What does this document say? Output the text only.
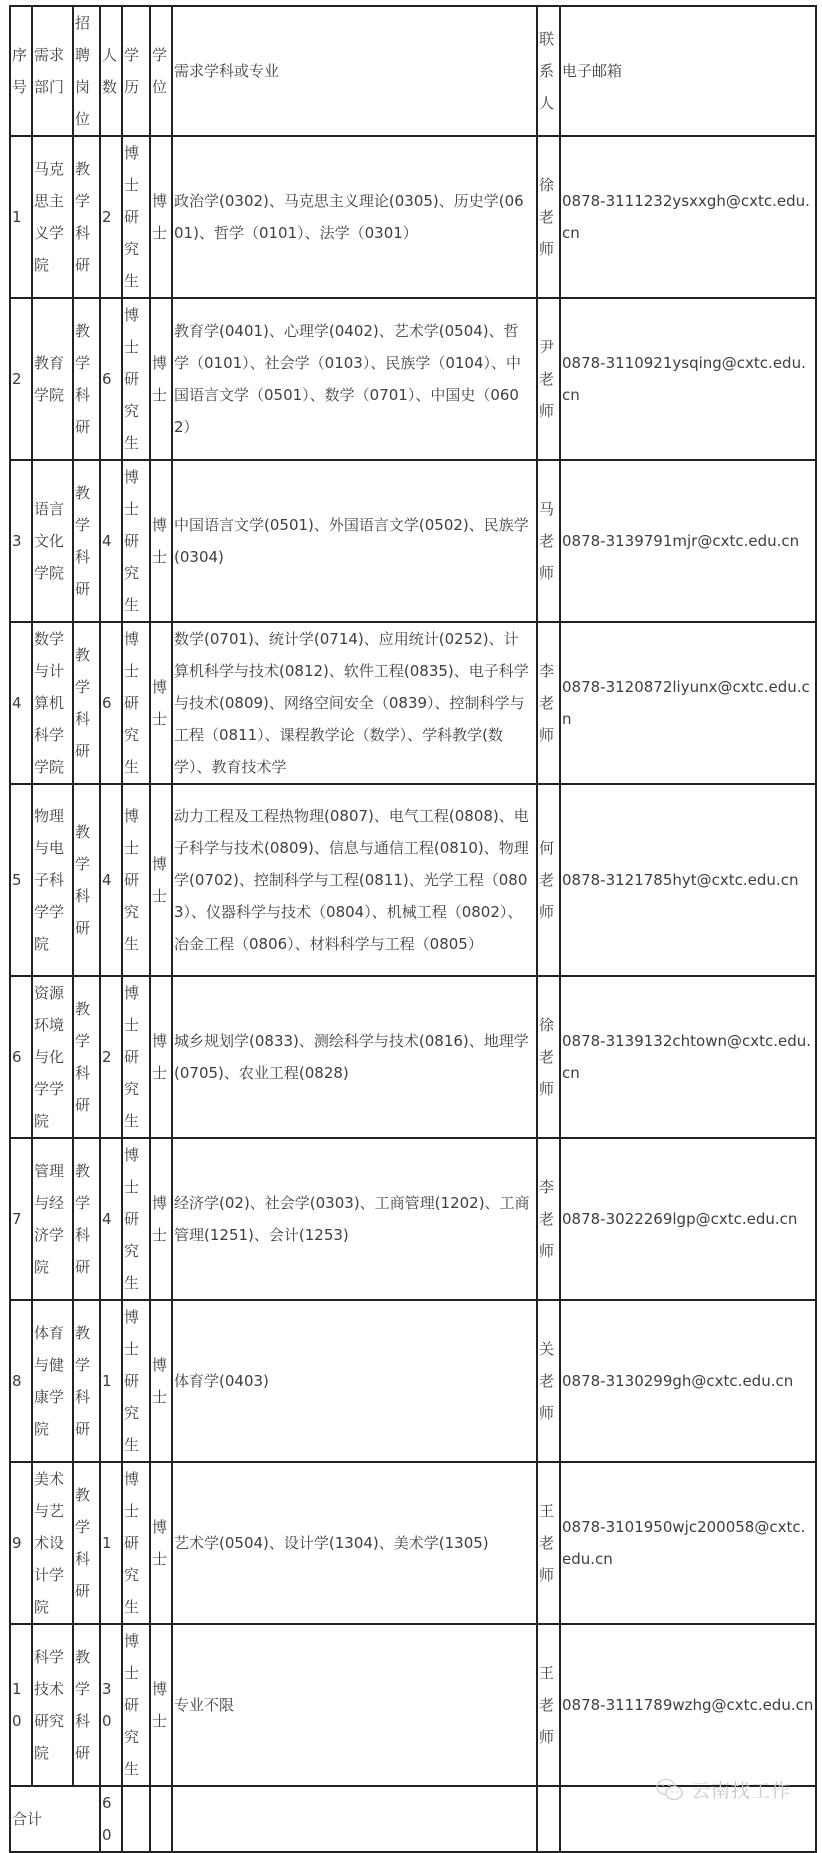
序号	需求部门	招聘岗位	人数	学历	学位	需求学科或专业	联系人	电子邮箱
1	马克思主义学院	教学科研	2	博士研究生	博士	政治学(0302)、马克思主义理论(0305)、历史学(0601)、哲学（0101）、法学（0301）	徐老师	0878-3111232ysxxgh@cxtc.edu.cn
2	教育学院	教学科研	6	博士研究生	博士	教育学(0401)、心理学(0402)、艺术学(0504)、哲学（0101）、社会学（0103）、民族学（0104）、中国语言文学（0501）、数学（0701）、中国史（0602）	尹老师	0878-3110921ysqing@cxtc.edu.cn
3	语言文化学院	教学科研	4	博士研究生	博士	中国语言文学(0501)、外国语言文学(0502)、民族学(0304)	马老师	0878-3139791mjr@cxtc.edu.cn
4	数学与计算机科学学院	教学科研	6	博士研究生	博士	数学(0701)、统计学(0714)、应用统计(0252)、计算机科学与技术(0812)、软件工程(0835)、电子科学与技术(0809)、网络空间安全（0839）、控制科学与工程（0811）、课程教学论（数学）、学科教学(数学）、教育技术学	李老师	0878-3120872liyunx@cxtc.edu.cn
5	物理与电子科学学院	教学科研	4	博士研究生	博士	动力工程及工程热物理(0807)、电气工程(0808)、电子科学与技术(0809)、信息与通信工程(0810)、物理学(0702)、控制科学与工程(0811)、光学工程（0803）、仪器科学与技术（0804）、机械工程（0802）、冶金工程（0806）、材料科学与工程（0805）	何老师	0878-3121785hyt@cxtc.edu.cn
6	资源环境与化学学院	教学科研	2	博士研究生	博士	城乡规划学(0833)、测绘科学与技术(0816)、地理学(0705)、农业工程(0828)	徐老师	0878-3139132chtown@cxtc.edu.cn
7	管理与经济学院	教学科研	4	博士研究生	博士	经济学(02)、社会学(0303)、工商管理(1202)、工商管理(1251)、会计(1253)	李老师	0878-3022269lgp@cxtc.edu.cn
8	体育与健康学院	教学科研	1	博士研究生	博士	体育学(0403)	关老师	0878-3130299gh@cxtc.edu.cn
9	美术与艺术设计学院	教学科研	1	博士研究生	博士	艺术学(0504)、设计学(1304)、美术学(1305)	王老师	0878-3101950wjc200058@cxtc.edu.cn
10	科学技术研究院	教学科研	30	博士研究生	博士	专业不限	王老师	0878-3111789wzhg@cxtc.edu.cn
合计			60					
云南找工作
